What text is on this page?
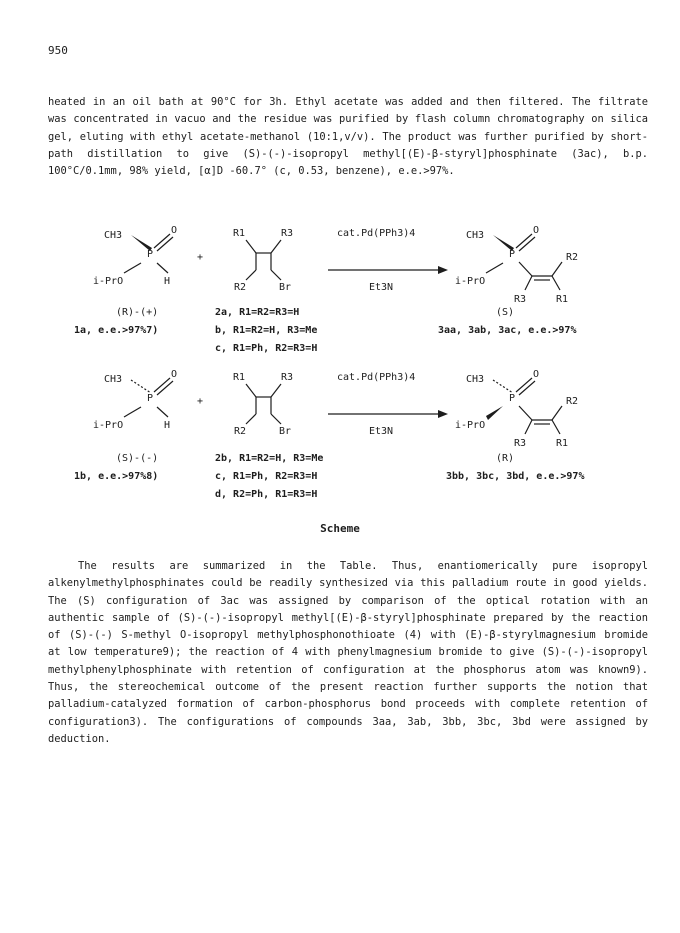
950
heated in an oil bath at 90°C for 3h. Ethyl acetate was added and then filtered. The filtrate was concentrated in vacuo and the residue was purified by flash column chromatography on silica gel, eluting with ethyl acetate-methanol (10:1,v/v). The product was further purified by short-path distillation to give (S)-(-)-isopropyl methyl[(E)-β-styryl]phosphinate (3ac), b.p. 100°C/0.1mm, 98% yield, [α]D -60.7° (c, 0.53, benzene), e.e.>97%.
CH3	O
P
i-PrO	H
+
R1	R3
R2	Br
cat.Pd(PPh3)4
Et3N
CH3	O
P
i-PrO
R2
R3	R1
(R)-(+)
1a, e.e.>97%7)
2a, R1=R2=R3=H
b, R1=R2=H, R3=Me
c, R1=Ph, R2=R3=H
(S)
3aa, 3ab, 3ac, e.e.>97%
CH3	O
P
i-PrO	H
+
R1	R3
R2	Br
cat.Pd(PPh3)4
Et3N
CH3	O
P
i-PrO
R2
R3	R1
(S)-(-)
1b, e.e.>97%8)
2b, R1=R2=H, R3=Me
c, R1=Ph, R2=R3=H
d, R2=Ph, R1=R3=H
(R)
3bb, 3bc, 3bd, e.e.>97%
Scheme
The results are summarized in the Table. Thus, enantiomerically pure isopropyl alkenylmethylphosphinates could be readily synthesized via this palladium route in good yields. The (S) configuration of 3ac was assigned by comparison of the optical rotation with an authentic sample of (S)-(-)-isopropyl methyl[(E)-β-styryl]phosphinate prepared by the reaction of (S)-(-) S-methyl O-isopropyl methylphosphonothioate (4) with (E)-β-styrylmagnesium bromide at low temperature9); the reaction of 4 with phenylmagnesium bromide to give (S)-(-)-isopropyl methylphenylphosphinate with retention of configuration at the phosphorus atom was known9). Thus, the stereochemical outcome of the present reaction further supports the notion that palladium-catalyzed formation of carbon-phosphorus bond proceeds with complete retention of configuration3). The configurations of compounds 3aa, 3ab, 3bb, 3bc, 3bd were assigned by deduction.
